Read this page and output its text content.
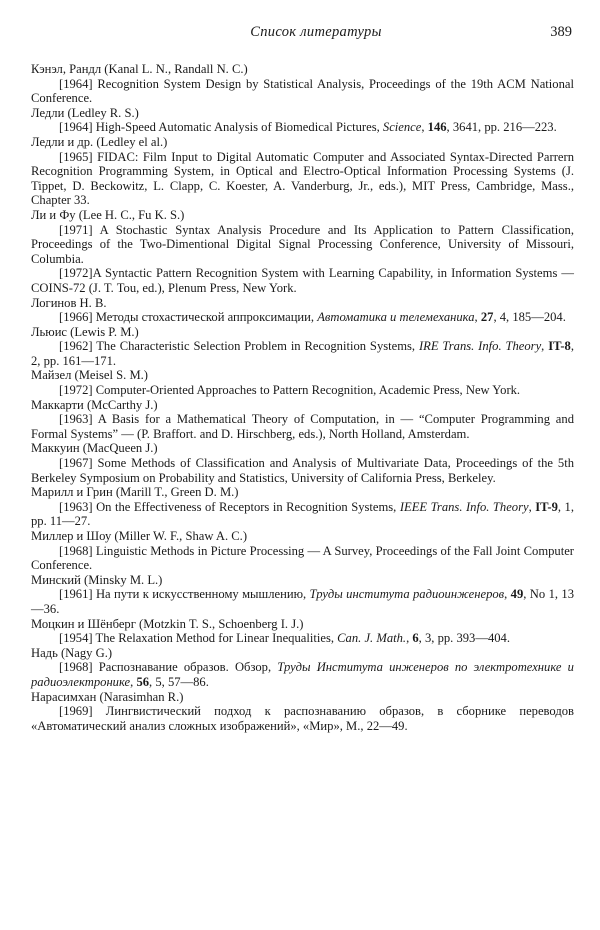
Список литературы	389
Кэнэл, Рандл (Kanal L. N., Randall N. C.)
[1964] Recognition System Design by Statistical Analysis, Proceedings of the 19th ACM National Conference.
Ледли (Ledley R. S.)
[1964] High-Speed Automatic Analysis of Biomedical Pictures, Science, 146, 3641, pp. 216—223.
Ледли и др. (Ledley el al.)
[1965] FIDAC: Film Input to Digital Automatic Computer and Associated Syntax-Directed Parrern Recognition Programming System, in Optical and Electro-Optical Information Processing Systems (J. Tippet, D. Beckowitz, L. Clapp, C. Koester, A. Vanderburg, Jr., eds.), MIT Press, Cambridge, Mass., Chapter 33.
Ли и Фу (Lee H. C., Fu K. S.)
[1971] A Stochastic Syntax Analysis Procedure and Its Application to Pattern Classification, Proceedings of the Two-Dimentional Digital Signal Processing Conference, University of Missouri, Columbia.
[1972]A Syntactic Pattern Recognition System with Learning Capability, in Information Systems — COINS-72 (J. T. Tou, ed.), Plenum Press, New York.
Логинов Н. В.
[1966] Методы стохастической аппроксимации, Автоматика и телемеханика, 27, 4, 185—204.
Льюис (Lewis P. M.)
[1962] The Characteristic Selection Problem in Recognition Systems, IRE Trans. Info. Theory, IT-8, 2, pp. 161—171.
Майзел (Meisel S. M.)
[1972] Computer-Oriented Approaches to Pattern Recognition, Academic Press, New York.
Маккарти (McCarthy J.)
[1963] A Basis for a Mathematical Theory of Computation, in — “Computer Programming and Formal Systems” — (P. Braffort. and D. Hirschberg, eds.), North Holland, Amsterdam.
Маккуин (MacQueen J.)
[1967] Some Methods of Classification and Analysis of Multivariate Data, Proceedings of the 5th Berkeley Symposium on Probability and Statistics, University of California Press, Berkeley.
Марилл и Грин (Marill T., Green D. M.)
[1963] On the Effectiveness of Receptors in Recognition Systems, IEEE Trans. Info. Theory, IT-9, 1, pp. 11—27.
Миллер и Шоу (Miller W. F., Shaw A. C.)
[1968] Linguistic Methods in Picture Processing — A Survey, Proceedings of the Fall Joint Computer Conference.
Минский (Minsky M. L.)
[1961] На пути к искусственному мышлению, Труды института радиоинженеров, 49, No 1, 13—36.
Моцкин и Шёнберг (Motzkin T. S., Schoenberg I. J.)
[1954] The Relaxation Method for Linear Inequalities, Can. J. Math., 6, 3, pp. 393—404.
Надь (Nagy G.)
[1968] Распознавание образов. Обзор, Труды Института инженеров по электротехнике и радиоэлектронике, 56, 5, 57—86.
Нарасимхан (Narasimhan R.)
[1969] Лингвистический подход к распознаванию образов, в сборнике переводов «Автоматический анализ сложных изображений», «Мир», М., 22—49.
